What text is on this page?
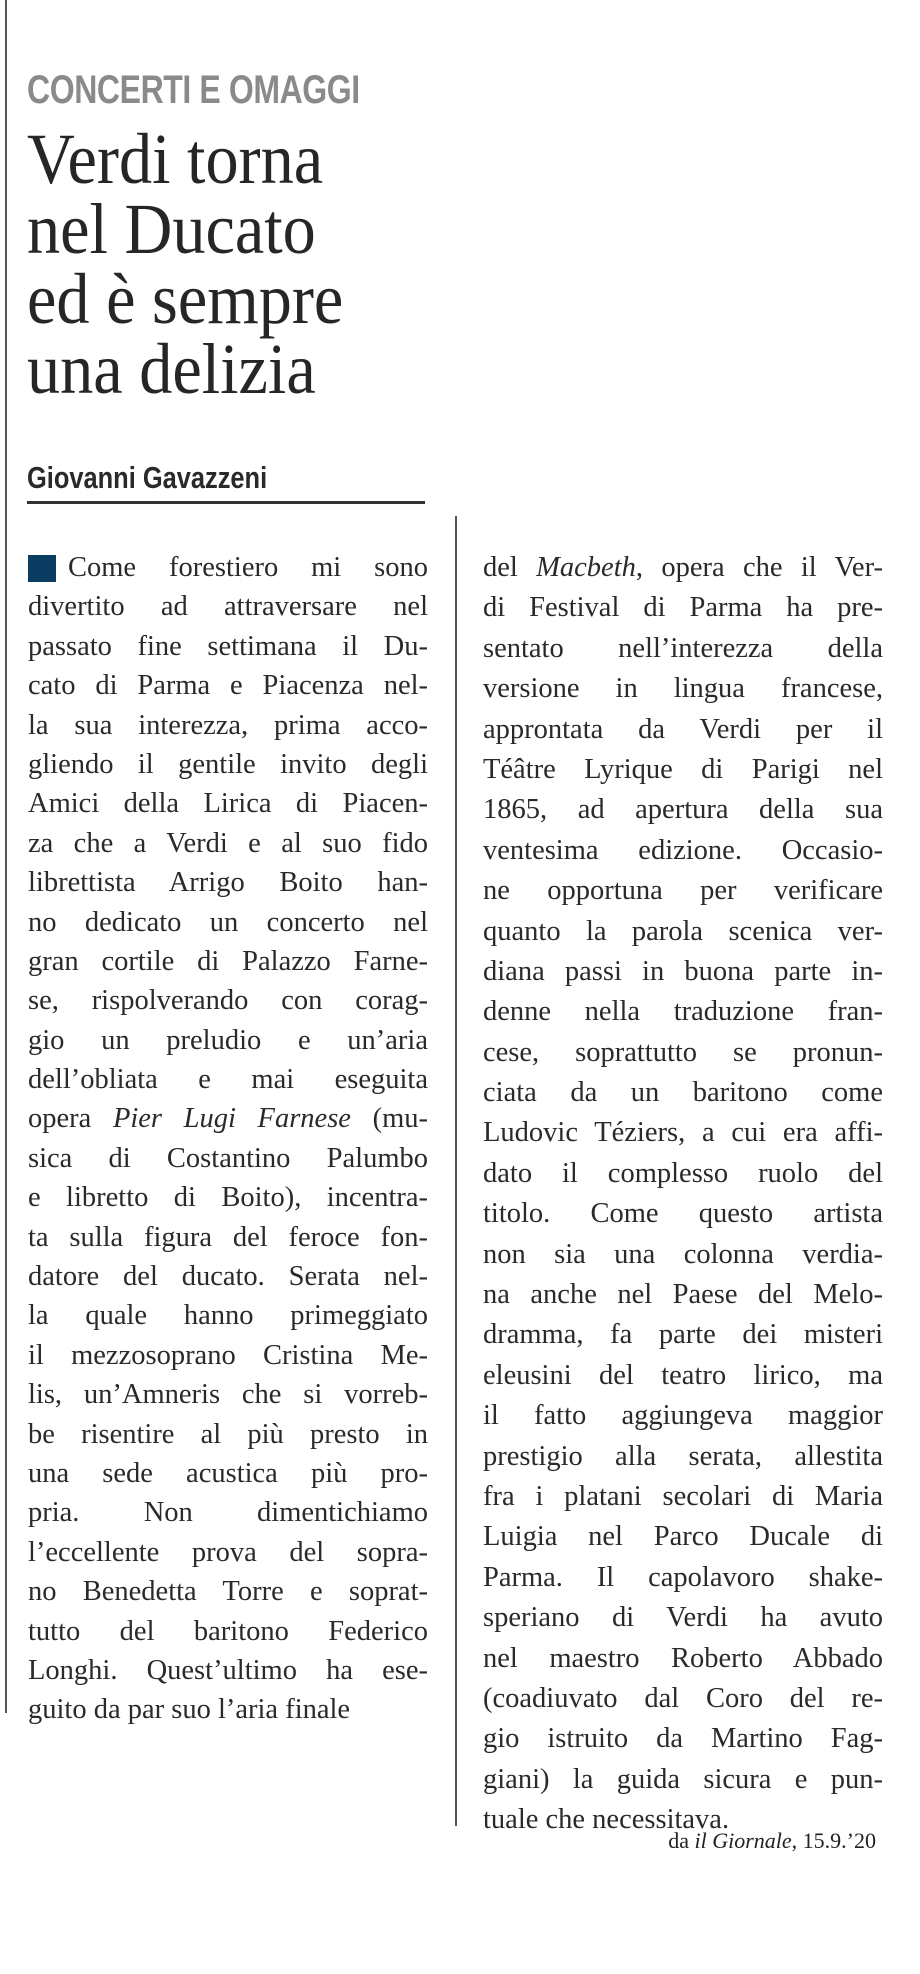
CONCERTI E OMAGGI
Verdi torna
nel Ducato
ed è sempre
una delizia
Giovanni Gavazzeni
Come forestiero mi sono
divertito ad attraversare nel
passato fine settimana il Du-
cato di Parma e Piacenza nel-
la sua interezza, prima acco-
gliendo il gentile invito degli
Amici della Lirica di Piacen-
za che a Verdi e al suo fido
librettista Arrigo Boito han-
no dedicato un concerto nel
gran cortile di Palazzo Farne-
se, rispolverando con corag-
gio un preludio e un’aria
dell’obliata e mai eseguita
opera Pier Lugi Farnese (mu-
sica di Costantino Palumbo
e libretto di Boito), incentra-
ta sulla figura del feroce fon-
datore del ducato. Serata nel-
la quale hanno primeggiato
il mezzosoprano Cristina Me-
lis, un’Amneris che si vorreb-
be risentire al più presto in
una sede acustica più pro-
pria. Non dimentichiamo
l’eccellente prova del sopra-
no Benedetta Torre e soprat-
tutto del baritono Federico
Longhi. Quest’ultimo ha ese-
guito da par suo l’aria finale
del Macbeth, opera che il Ver-
di Festival di Parma ha pre-
sentato nell’interezza della
versione in lingua francese,
approntata da Verdi per il
Téâtre Lyrique di Parigi nel
1865, ad apertura della sua
ventesima edizione. Occasio-
ne opportuna per verificare
quanto la parola scenica ver-
diana passi in buona parte in-
denne nella traduzione fran-
cese, soprattutto se pronun-
ciata da un baritono come
Ludovic Téziers, a cui era affi-
dato il complesso ruolo del
titolo. Come questo artista
non sia una colonna verdia-
na anche nel Paese del Melo-
dramma, fa parte dei misteri
eleusini del teatro lirico, ma
il fatto aggiungeva maggior
prestigio alla serata, allestita
fra i platani secolari di Maria
Luigia nel Parco Ducale di
Parma. Il capolavoro shake-
speriano di Verdi ha avuto
nel maestro Roberto Abbado
(coadiuvato dal Coro del re-
gio istruito da Martino Fag-
giani) la guida sicura e pun-
tuale che necessitava.
da il Giornale, 15.9.’20
